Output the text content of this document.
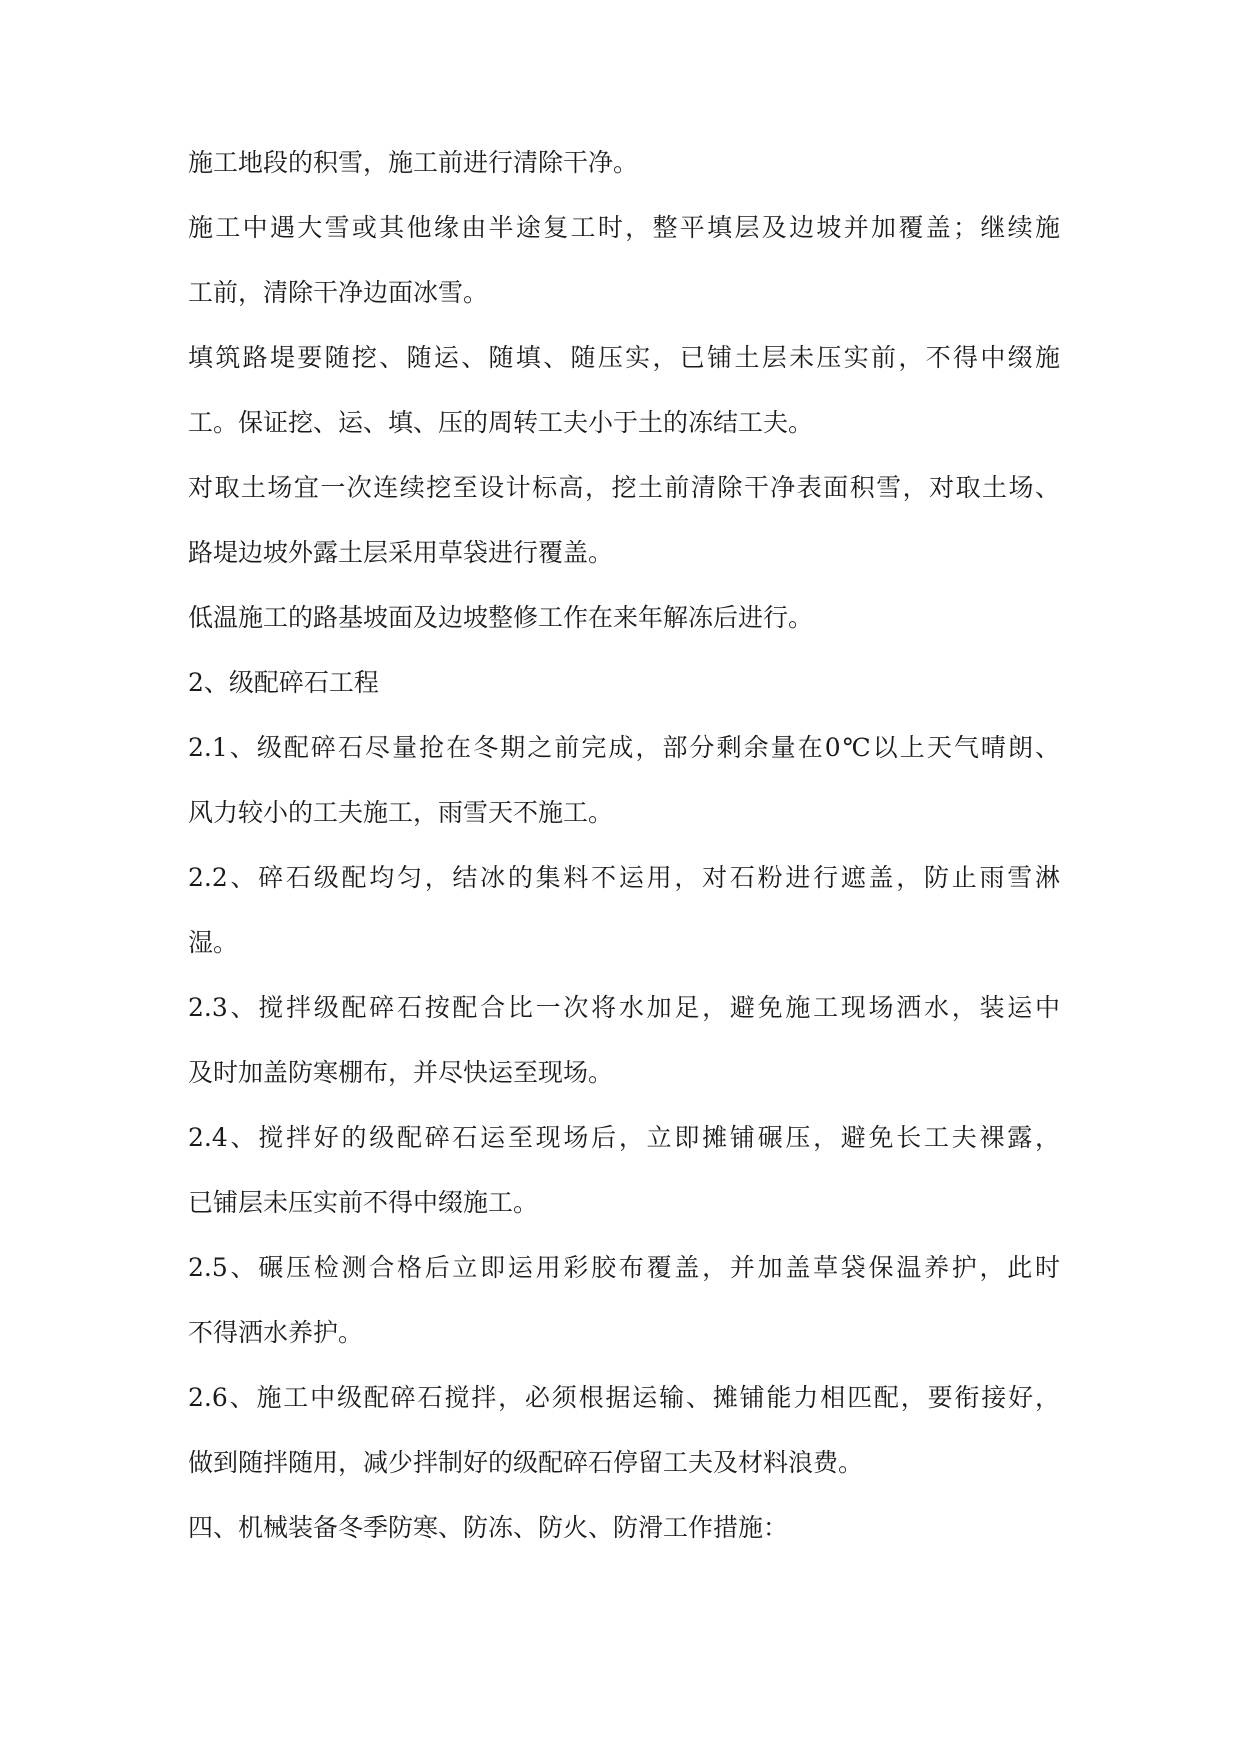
施工地段的积雪，施工前进行清除干净。
施工中遇大雪或其他缘由半途复工时，整平填层及边坡并加覆盖；继续施
工前，清除干净边面冰雪。
填筑路堤要随挖、随运、随填、随压实，已铺土层未压实前，不得中缀施
工。保证挖、运、填、压的周转工夫小于土的冻结工夫。
对取土场宜一次连续挖至设计标高，挖土前清除干净表面积雪，对取土场、
路堤边坡外露土层采用草袋进行覆盖。
低温施工的路基坡面及边坡整修工作在来年解冻后进行。
2、级配碎石工程
2.1、级配碎石尽量抢在冬期之前完成，部分剩余量在0℃以上天气晴朗、
风力较小的工夫施工，雨雪天不施工。
2.2、碎石级配均匀，结冰的集料不运用，对石粉进行遮盖，防止雨雪淋
湿。
2.3、搅拌级配碎石按配合比一次将水加足，避免施工现场洒水，装运中
及时加盖防寒棚布，并尽快运至现场。
2.4、搅拌好的级配碎石运至现场后，立即摊铺碾压，避免长工夫裸露，
已铺层未压实前不得中缀施工。
2.5、碾压检测合格后立即运用彩胶布覆盖，并加盖草袋保温养护，此时
不得洒水养护。
2.6、施工中级配碎石搅拌，必须根据运输、摊铺能力相匹配，要衔接好，
做到随拌随用，减少拌制好的级配碎石停留工夫及材料浪费。
四、机械装备冬季防寒、防冻、防火、防滑工作措施：
